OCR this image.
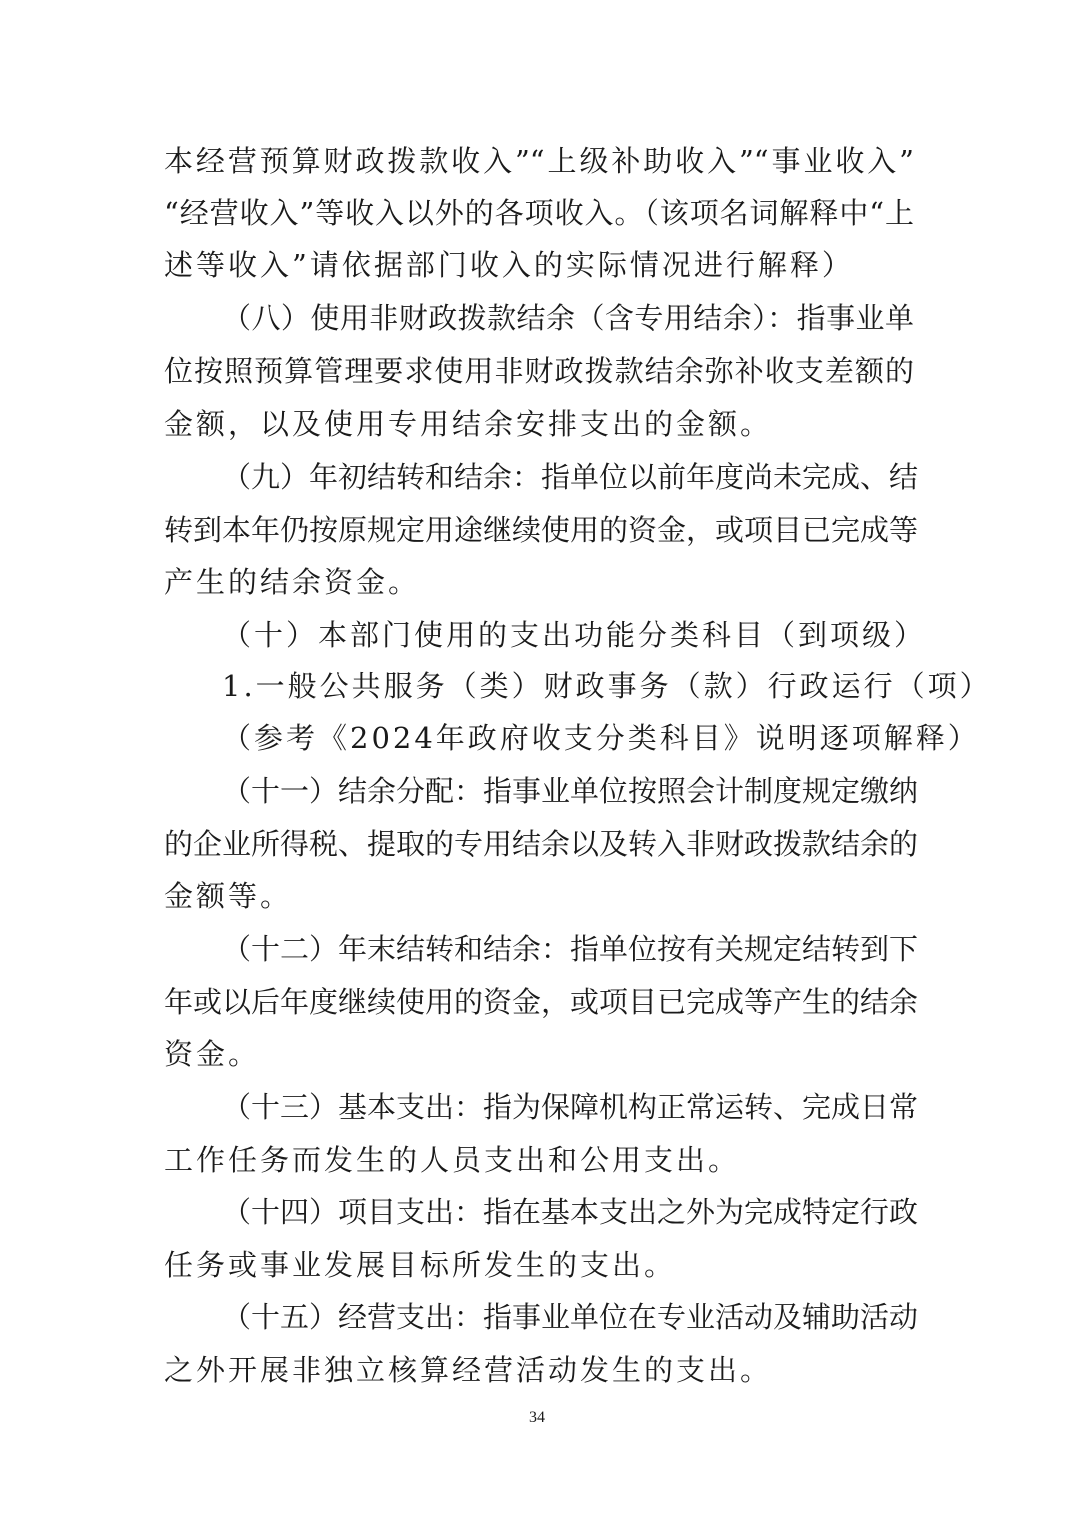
本经营预算财政拨款收入”“上级补助收入”“事业收入”
“经营收入”等收入以外的各项收入。（该项名词解释中“上
述等收入”请依据部门收入的实际情况进行解释）
（八）使用非财政拨款结余（含专用结余）：指事业单
位按照预算管理要求使用非财政拨款结余弥补收支差额的
金额，以及使用专用结余安排支出的金额。
（九）年初结转和结余：指单位以前年度尚未完成、结
转到本年仍按原规定用途继续使用的资金，或项目已完成等
产生的结余资金。
（十）本部门使用的支出功能分类科目（到项级）
1.一般公共服务（类）财政事务（款）行政运行（项）
（参考《2024年政府收支分类科目》说明逐项解释）
（十一）结余分配：指事业单位按照会计制度规定缴纳
的企业所得税、提取的专用结余以及转入非财政拨款结余的
金额等。
（十二）年末结转和结余：指单位按有关规定结转到下
年或以后年度继续使用的资金，或项目已完成等产生的结余
资金。
（十三）基本支出：指为保障机构正常运转、完成日常
工作任务而发生的人员支出和公用支出。
（十四）项目支出：指在基本支出之外为完成特定行政
任务或事业发展目标所发生的支出。
（十五）经营支出：指事业单位在专业活动及辅助活动
之外开展非独立核算经营活动发生的支出。
34
